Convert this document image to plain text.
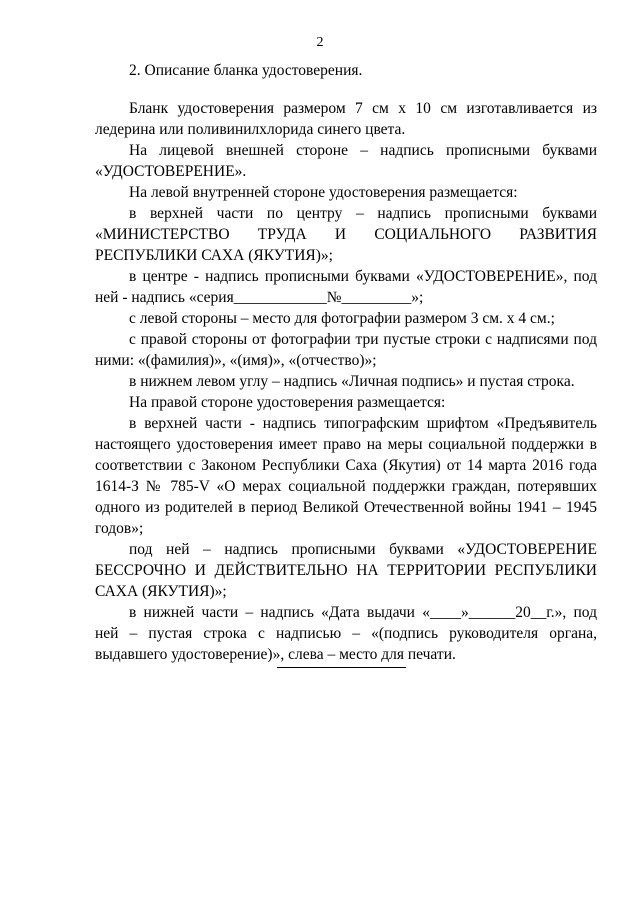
2

2. Описание бланка удостоверения.

Бланк удостоверения размером 7 см х 10 см изготавливается из ледерина или поливинилхлорида синего цвета.

На лицевой внешней стороне – надпись прописными буквами «УДОСТОВЕРЕНИЕ».

На левой внутренней стороне удостоверения размещается:

в верхней части по центру – надпись прописными буквами «МИНИСТЕРСТВО ТРУДА И СОЦИАЛЬНОГО РАЗВИТИЯ РЕСПУБЛИКИ САХА (ЯКУТИЯ)»;

в центре - надпись прописными буквами «УДОСТОВЕРЕНИЕ», под ней - надпись «серия____________№_________»;

с левой стороны – место для фотографии размером 3 см. х 4 см.;

с правой стороны от фотографии три пустые строки с надписями под ними: «(фамилия)», «(имя)», «(отчество)»;

в нижнем левом углу – надпись «Личная подпись» и пустая строка.

На правой стороне удостоверения размещается:

в верхней части - надпись типографским шрифтом «Предъявитель настоящего удостоверения имеет право на меры социальной поддержки в соответствии с Законом Республики Саха (Якутия) от 14 марта 2016 года 1614-З № 785-V «О мерах социальной поддержки граждан, потерявших одного из родителей в период Великой Отечественной войны 1941 – 1945 годов»;

под ней – надпись прописными буквами «УДОСТОВЕРЕНИЕ БЕССРОЧНО И ДЕЙСТВИТЕЛЬНО НА ТЕРРИТОРИИ РЕСПУБЛИКИ САХА (ЯКУТИЯ)»;

в нижней части – надпись «Дата выдачи «____»______20__г.», под ней – пустая строка с надписью – «(подпись руководителя органа, выдавшего удостоверение)», слева – место для печати.
